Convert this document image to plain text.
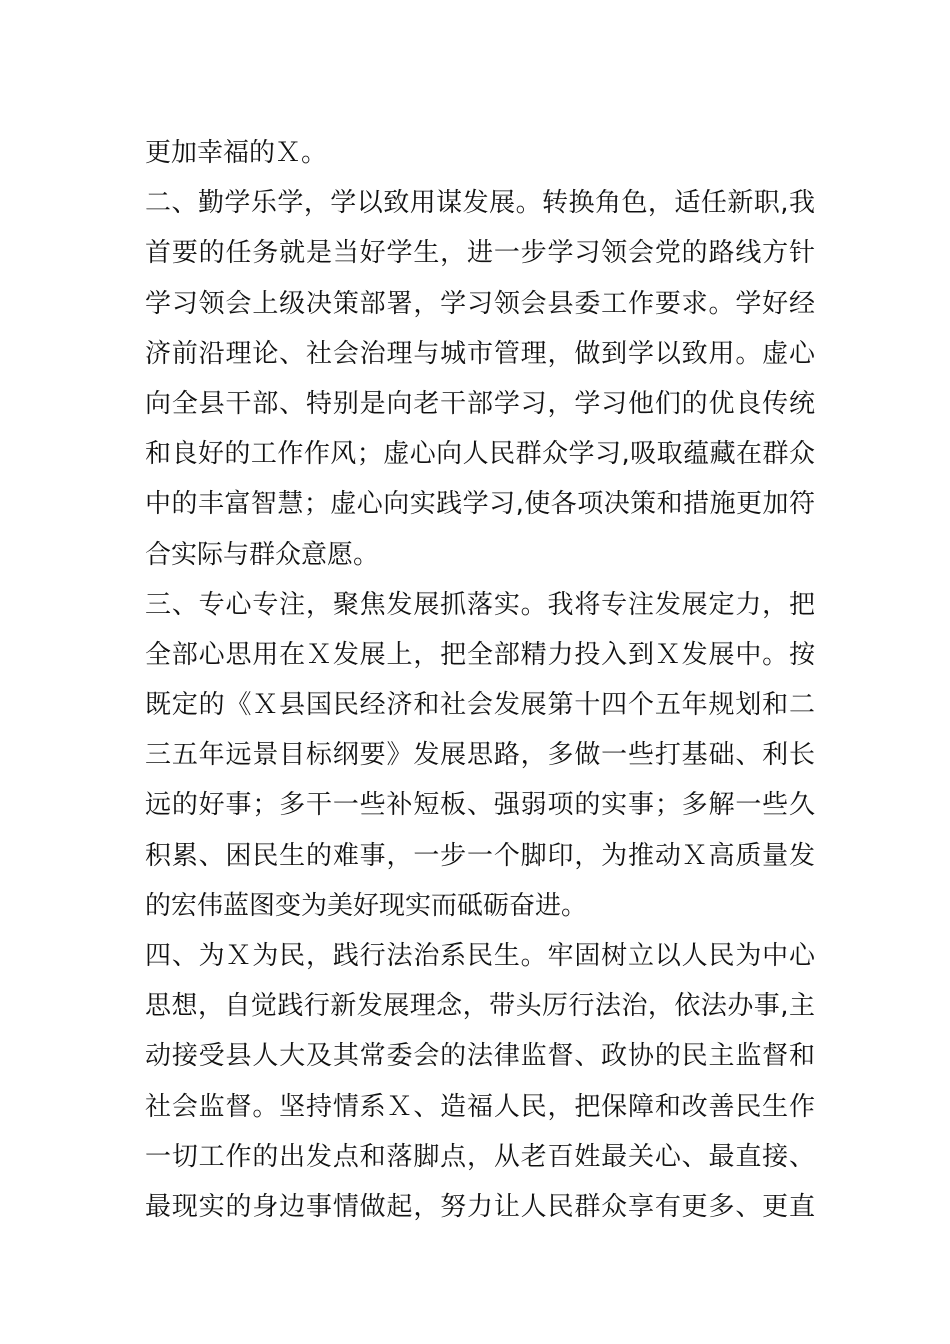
更加幸福的Ｘ。
二、勤学乐学，学以致用谋发展。转换角色，适任新职,我
首要的任务就是当好学生，进一步学习领会党的路线方针
学习领会上级决策部署，学习领会县委工作要求。学好经
济前沿理论、社会治理与城市管理，做到学以致用。虚心
向全县干部、特别是向老干部学习，学习他们的优良传统
和良好的工作作风；虚心向人民群众学习,吸取蕴藏在群众
中的丰富智慧；虚心向实践学习,使各项决策和措施更加符
合实际与群众意愿。
三、专心专注，聚焦发展抓落实。我将专注发展定力，把
全部心思用在Ｘ发展上，把全部精力投入到Ｘ发展中。按
既定的《Ｘ县国民经济和社会发展第十四个五年规划和二
三五年远景目标纲要》发展思路，多做一些打基础、利长
远的好事；多干一些补短板、强弱项的实事；多解一些久
积累、困民生的难事，一步一个脚印，为推动Ｘ高质量发
的宏伟蓝图变为美好现实而砥砺奋进。
四、为Ｘ为民，践行法治系民生。牢固树立以人民为中心
思想，自觉践行新发展理念，带头厉行法治，依法办事,主
动接受县人大及其常委会的法律监督、政协的民主监督和
社会监督。坚持情系Ｘ、造福人民，把保障和改善民生作
一切工作的出发点和落脚点，从老百姓最关心、最直接、
最现实的身边事情做起，努力让人民群众享有更多、更直
